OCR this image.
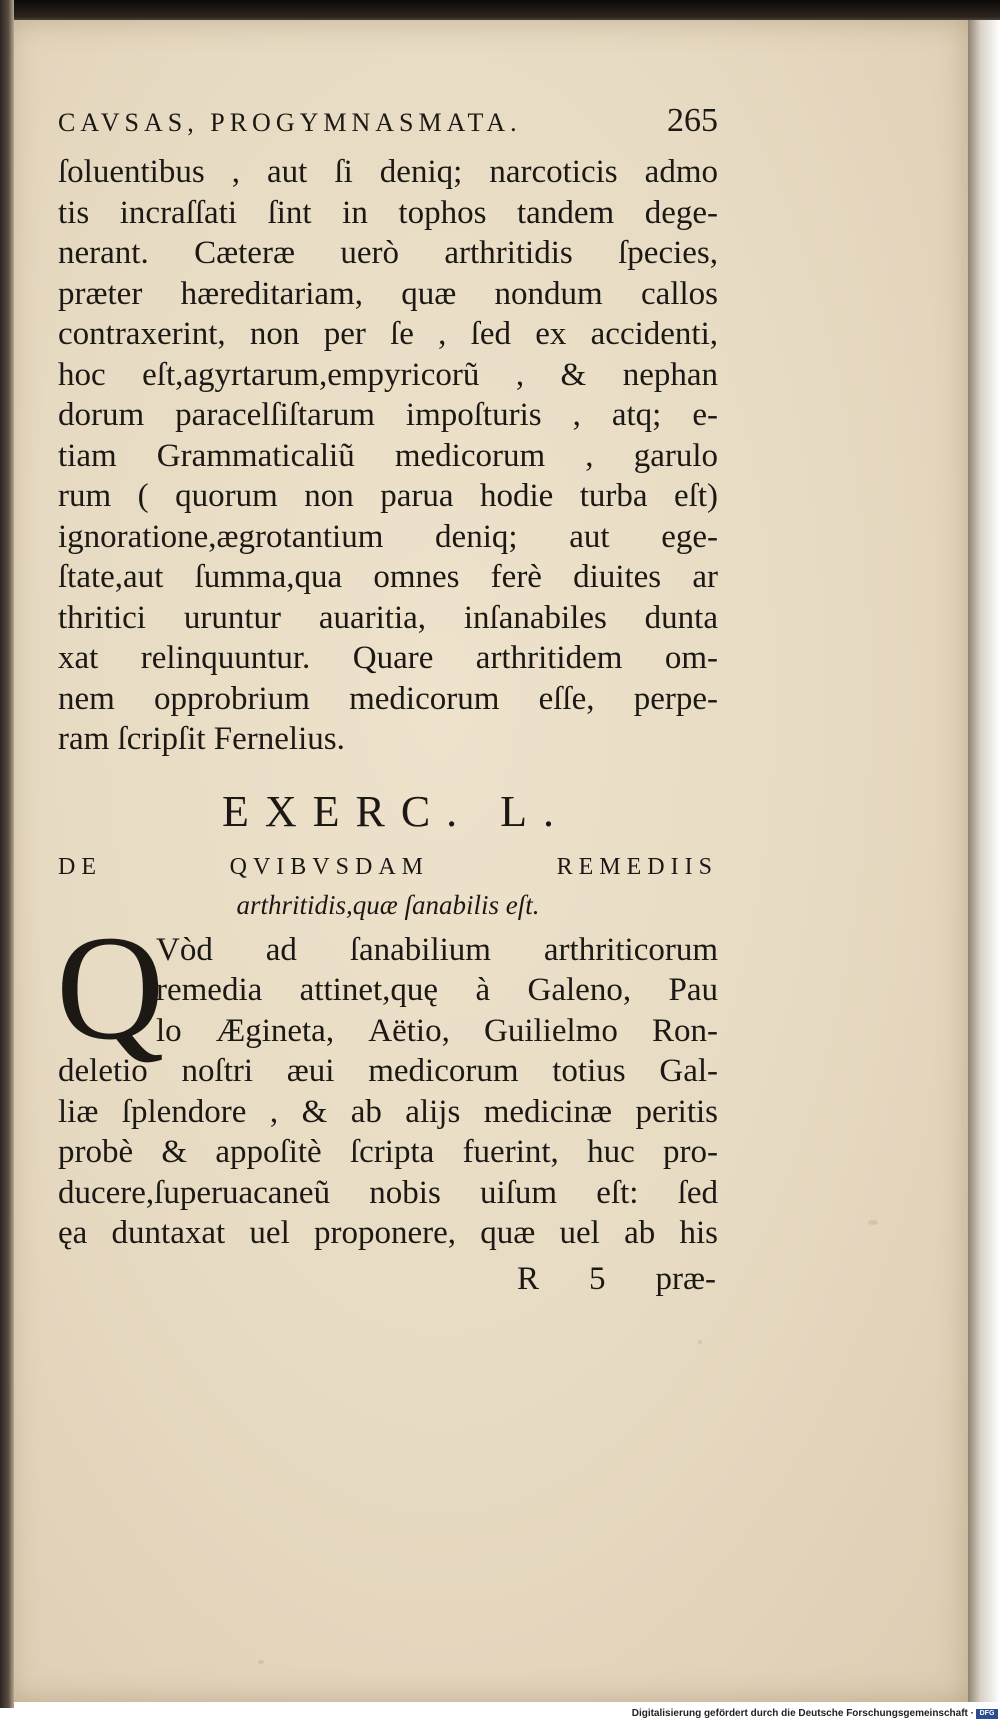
CAVSAS, PROGYMNASMATA.	265
ſoluentibus , aut ſi deniq; narcoticis admo
tis incraſſati ſint in tophos tandem dege-
nerant. Cæteræ uerò arthritidis ſpecies,
præter hæreditariam, quæ nondum callos
contraxerint, non per ſe , ſed ex accidenti,
hoc eſt,agyrtarum,empyricorũ , & nephan
dorum paracelſiſtarum impoſturis , atq; e-
tiam Grammaticaliũ medicorum , garulo
rum ( quorum non parua hodie turba eſt)
ignoratione,ægrotantium deniq; aut ege-
ſtate,aut ſumma,qua omnes ferè diuites ar
thritici uruntur auaritia, inſanabiles dunta
xat relinquuntur. Quare arthritidem om-
nem opprobrium medicorum eſſe, perpe-
ram ſcripſit Fernelius.
EXERC. L.
DE	QVIBVSDAM	REMEDIIS
arthritidis,quæ ſanabilis eſt.
Q
Vòd ad ſanabilium arthriticorum
remedia attinet,quę à Galeno, Pau
lo Æginetа, Aëtio, Guilielmo Ron-
deletio noſtri æui medicorum totius Gal-
liæ ſplendore , & ab alijs medicinæ peritis
probè & appoſitè ſcripta fuerint, huc pro-
ducere,ſuperuacaneũ nobis uiſum eſt: ſed
ęa duntaxat uel proponere, quæ uel ab his
R 5 præ-
Digitalisierung gefördert durch die Deutsche Forschungsgemeinschaft · DFG
